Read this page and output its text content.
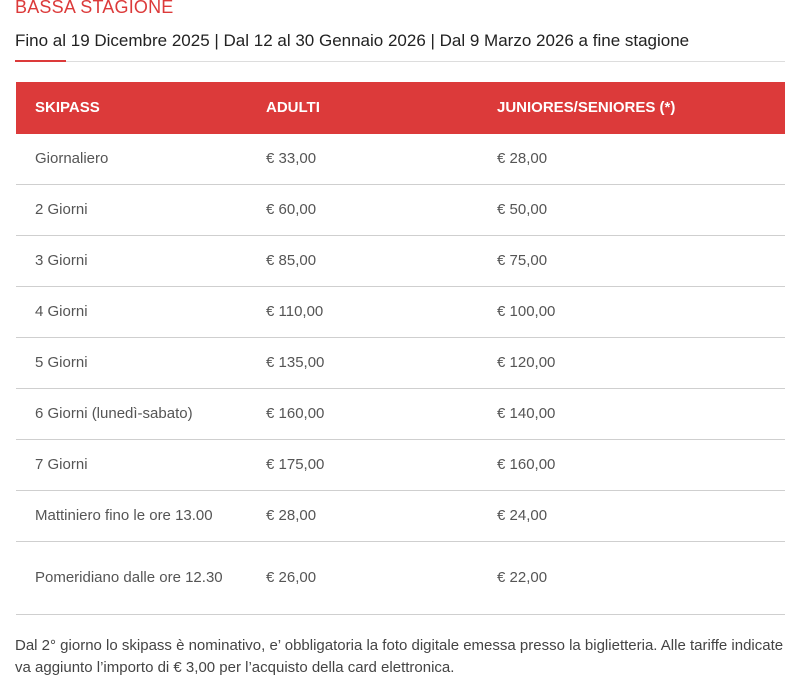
BASSA STAGIONE
Fino al 19 Dicembre 2025 | Dal 12 al 30 Gennaio 2026 | Dal 9 Marzo 2026 a fine stagione
SKIPASS	ADULTI	JUNIORES/SENIORES (*)
Giornaliero	€ 33,00	€ 28,00
2 Giorni	€ 60,00	€ 50,00
3 Giorni	€ 85,00	€ 75,00
4 Giorni	€ 110,00	€ 100,00
5 Giorni	€ 135,00	€ 120,00
6 Giorni (lunedì-sabato)	€ 160,00	€ 140,00
7 Giorni	€ 175,00	€ 160,00
Mattiniero fino le ore 13.00	€ 28,00	€ 24,00
Pomeridiano dalle ore 12.30	€ 26,00	€ 22,00
Dal 2° giorno lo skipass è nominativo, e’ obbligatoria la foto digitale emessa presso la biglietteria. Alle tariffe indicate va aggiunto l’importo di € 3,00 per l’acquisto della card elettronica.
